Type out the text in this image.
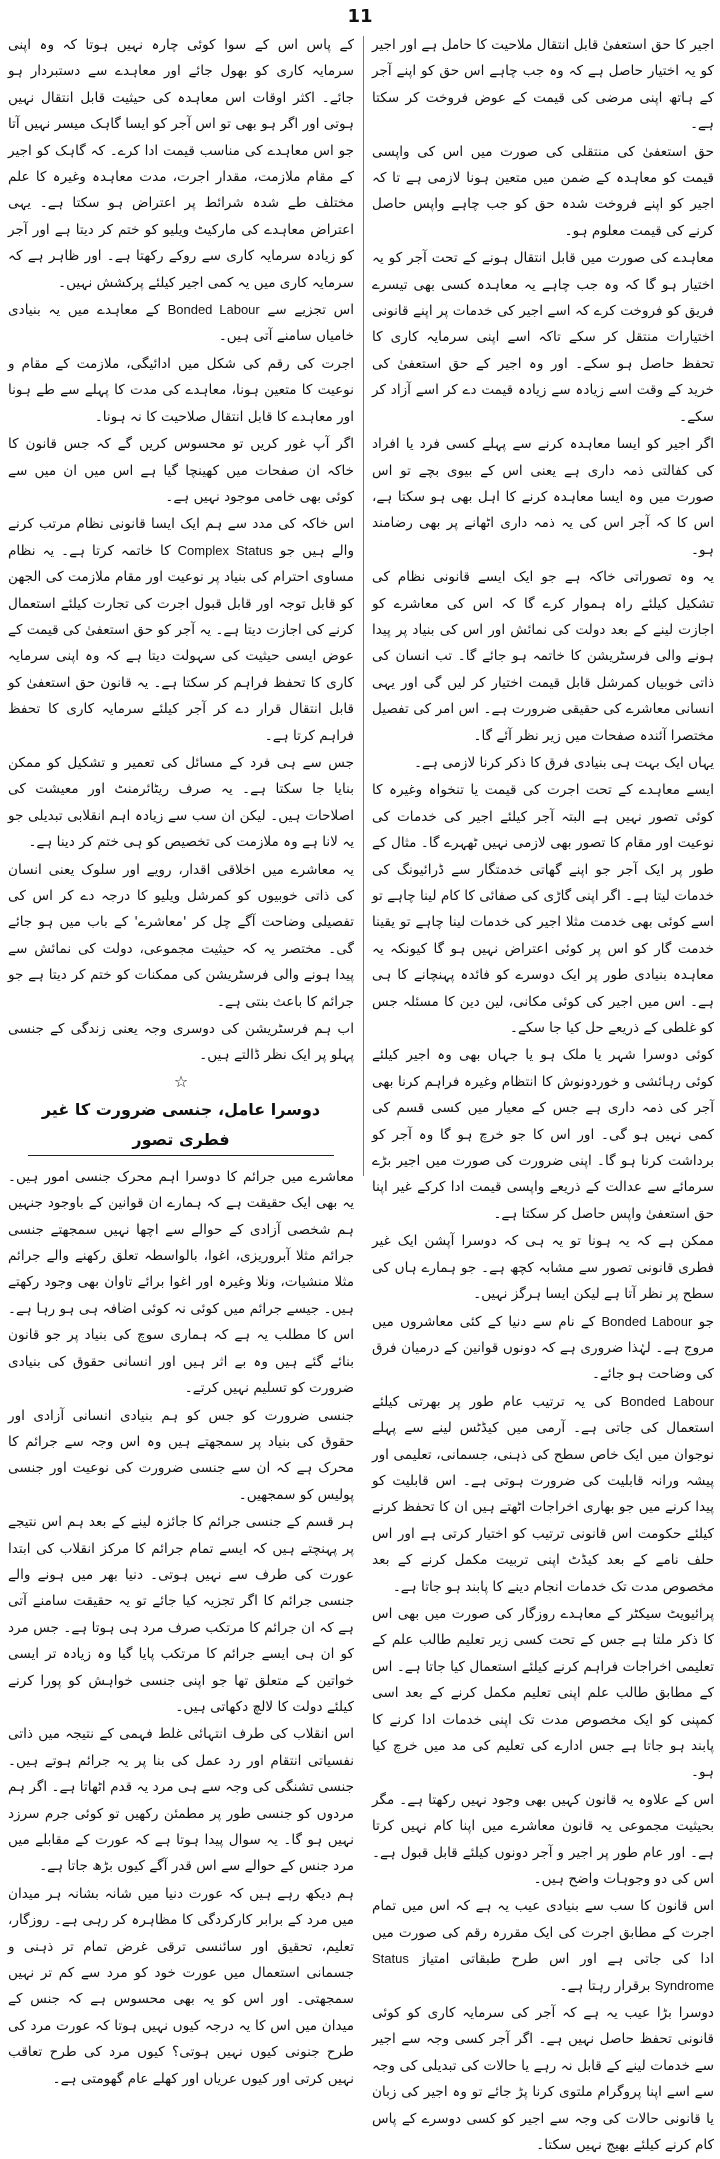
11

اجیر کا حق استعفیٰ قابل انتقال ملاحیت کا حامل ہے اور اجیر کو یہ اختیار حاصل ہے کہ وہ جب چاہے اس حق کو اپنے آجر کے ہاتھ اپنی مرضی کی قیمت کے عوض فروخت کر سکتا ہے۔

حق استعفیٰ کی منتقلی کی صورت میں اس کی واپسی قیمت کو معاہدہ کے ضمن میں متعین ہونا لازمی ہے تا کہ اجیر کو اپنے فروخت شدہ حق کو جب چاہے واپس حاصل کرنے کی قیمت معلوم ہو۔

معاہدے کی صورت میں قابل انتقال ہونے کے تحت آجر کو یہ اختیار ہو گا کہ وہ جب چاہے یہ معاہدہ کسی بھی تیسرے فریق کو فروخت کرے کہ اسے اجیر کی خدمات پر اپنے قانونی اختیارات منتقل کر سکے تاکہ اسے اپنی سرمایہ کاری کا تحفظ حاصل ہو سکے۔ اور وہ اجیر کے حق استعفیٰ کی خرید کے وقت اسے زیادہ سے زیادہ قیمت دے کر اسے آزاد کر سکے۔

اگر اجیر کو ایسا معاہدہ کرنے سے پہلے کسی فرد یا افراد کی کفالتی ذمہ داری ہے یعنی اس کے بیوی بچے تو اس صورت میں وہ ایسا معاہدہ کرنے کا اہل بھی ہو سکتا ہے، اس کا کہ آجر اس کی یہ ذمہ داری اٹھانے پر بھی رضامند ہو۔

یہ وہ تصوراتی خاکہ ہے جو ایک ایسے قانونی نظام کی تشکیل کیلئے راہ ہموار کرے گا کہ اس کی معاشرے کو اجازت لینے کے بعد دولت کی نمائش اور اس کی بنیاد پر پیدا ہونے والی فرسٹریشن کا خاتمہ ہو جائے گا۔ تب انسان کی ذاتی خوبیاں کمرشل قابل قیمت اختیار کر لیں گی اور یہی انسانی معاشرے کی حقیقی ضرورت ہے۔ اس امر کی تفصیل مختصرا آئندہ صفحات میں زیر نظر آئے گا۔

یہاں ایک بہت ہی بنیادی فرق کا ذکر کرنا لازمی ہے۔

ایسے معاہدے کے تحت اجرت کی قیمت یا تنخواہ وغیرہ کا کوئی تصور نہیں ہے البتہ آجر کیلئے اجیر کی خدمات کی نوعیت اور مقام کا تصور بھی لازمی نہیں ٹھہرے گا۔ مثال کے طور پر ایک آجر جو اپنے گھاتی خدمتگار سے ڈرائیونگ کی خدمات لیتا ہے۔ اگر اپنی گاڑی کی صفائی کا کام لینا چاہے تو اسے کوئی بھی خدمت مثلا اجیر کی خدمات لینا چاہے تو یقینا خدمت گار کو اس پر کوئی اعتراض نہیں ہو گا کیونکہ یہ معاہدہ بنیادی طور پر ایک دوسرے کو فائدہ پہنچانے کا ہی ہے۔ اس میں اجیر کی کوئی مکانی، لین دین کا مسئلہ جس کو غلطی کے ذریعے حل کیا جا سکے۔

کوئی دوسرا شہر یا ملک ہو یا جہاں بھی وہ اجیر کیلئے کوئی رہائشی و خوردونوش کا انتظام وغیرہ فراہم کرنا بھی آجر کی ذمہ داری ہے جس کے معیار میں کسی قسم کی کمی نہیں ہو گی۔ اور اس کا جو خرچ ہو گا وہ آجر کو برداشت کرنا ہو گا۔ اپنی ضرورت کی صورت میں اجیر بڑے سرمائے سے عدالت کے ذریعے واپسی قیمت ادا کرکے غیر اپنا حق استعفیٰ واپس حاصل کر سکتا ہے۔

ممکن ہے کہ یہ ہونا تو یہ ہی کہ دوسرا آپشن ایک غیر فطری قانونی تصور سے مشابہ کچھ ہے۔ جو ہمارے ہاں کی سطح پر نظر آتا ہے لیکن ایسا ہرگز نہیں۔

جو Bonded Labour کے نام سے دنیا کے کئی معاشروں میں مروج ہے۔ لہٰذا ضروری ہے کہ دونوں قوانین کے درمیان فرق کی وضاحت ہو جائے۔

Bonded Labour کی یہ ترتیب عام طور پر بھرتی کیلئے استعمال کی جاتی ہے۔ آرمی میں کیڈٹس لینے سے پہلے نوجوان میں ایک خاص سطح کی ذہنی، جسمانی، تعلیمی اور پیشہ ورانہ قابلیت کی ضرورت ہوتی ہے۔ اس قابلیت کو پیدا کرنے میں جو بھاری اخراجات اٹھتے ہیں ان کا تحفظ کرنے کیلئے حکومت اس قانونی ترتیب کو اختیار کرتی ہے اور اس حلف نامے کے بعد کیڈٹ اپنی تربیت مکمل کرنے کے بعد مخصوص مدت تک خدمات انجام دینے کا پابند ہو جاتا ہے۔

پرائیویٹ سیکٹر کے معاہدے روزگار کی صورت میں بھی اس کا ذکر ملتا ہے جس کے تحت کسی زیر تعلیم طالب علم کے تعلیمی اخراجات فراہم کرنے کیلئے استعمال کیا جاتا ہے۔ اس کے مطابق طالب علم اپنی تعلیم مکمل کرنے کے بعد اسی کمپنی کو ایک مخصوص مدت تک اپنی خدمات ادا کرنے کا پابند ہو جاتا ہے جس ادارے کی تعلیم کی مد میں خرچ کیا ہو۔

اس کے علاوہ یہ قانون کہیں بھی وجود نہیں رکھتا ہے۔ مگر بحیثیت مجموعی یہ قانون معاشرے میں اپنا کام نہیں کرتا ہے۔ اور عام طور پر اجیر و آجر دونوں کیلئے قابل قبول ہے۔ اس کی دو وجوہات واضح ہیں۔

اس قانون کا سب سے بنیادی عیب یہ ہے کہ اس میں تمام اجرت کے مطابق اجرت کی ایک مقررہ رقم کی صورت میں ادا کی جاتی ہے اور اس طرح طبقاتی امتیاز Status Syndrome برقرار رہتا ہے۔

دوسرا بڑا عیب یہ ہے کہ آجر کی سرمایہ کاری کو کوئی قانونی تحفظ حاصل نہیں ہے۔ اگر آجر کسی وجہ سے اجیر سے خدمات لینے کے قابل نہ رہے یا حالات کی تبدیلی کی وجہ سے اسے اپنا پروگرام ملتوی کرنا پڑ جائے تو وہ اجیر کی زبان یا قانونی حالات کی وجہ سے اجیر کو کسی دوسرے کے پاس کام کرنے کیلئے بھیج نہیں سکتا۔

کے پاس اس کے سوا کوئی چارہ نہیں ہوتا کہ وہ اپنی سرمایہ کاری کو بھول جائے اور معاہدے سے دستبردار ہو جائے۔ اکثر اوقات اس معاہدہ کی حیثیت قابل انتقال نہیں ہوتی اور اگر ہو بھی تو اس آجر کو ایسا گاہک میسر نہیں آتا جو اس معاہدے کی مناسب قیمت ادا کرے۔ کہ گاہک کو اجیر کے مقام ملازمت، مقدار اجرت، مدت معاہدہ وغیرہ کا علم مختلف طے شدہ شرائط پر اعتراض ہو سکتا ہے۔ یہی اعتراض معاہدے کی مارکیٹ ویلیو کو ختم کر دیتا ہے اور آجر کو زیادہ سرمایہ کاری سے روکے رکھتا ہے۔ اور ظاہر ہے کہ سرمایہ کاری میں یہ کمی اجیر کیلئے پرکشش نہیں۔

اس تجزیے سے Bonded Labour کے معاہدے میں یہ بنیادی خامیاں سامنے آتی ہیں۔

اجرت کی رقم کی شکل میں ادائیگی، ملازمت کے مقام و نوعیت کا متعین ہونا، معاہدے کی مدت کا پہلے سے طے ہونا اور معاہدے کا قابل انتقال صلاحیت کا نہ ہونا۔

اگر آپ غور کریں تو محسوس کریں گے کہ جس قانون کا خاکہ ان صفحات میں کھینچا گیا ہے اس میں ان میں سے کوئی بھی خامی موجود نہیں ہے۔

اس خاکہ کی مدد سے ہم ایک ایسا قانونی نظام مرتب کرنے والے ہیں جو Status Complex کا خاتمہ کرتا ہے۔ یہ نظام مساوی احترام کی بنیاد پر نوعیت اور مقام ملازمت کی الجھن کو قابل توجہ اور قابل قبول اجرت کی تجارت کیلئے استعمال کرنے کی اجازت دیتا ہے۔ یہ آجر کو حق استعفیٰ کی قیمت کے عوض ایسی حیثیت کی سہولت دیتا ہے کہ وہ اپنی سرمایہ کاری کا تحفظ فراہم کر سکتا ہے۔ یہ قانون حق استعفیٰ کو قابل انتقال قرار دے کر آجر کیلئے سرمایہ کاری کا تحفظ فراہم کرتا ہے۔

جس سے ہی فرد کے مسائل کی تعمیر و تشکیل کو ممکن بنایا جا سکتا ہے۔ یہ صرف ریٹائرمنٹ اور معیشت کی اصلاحات ہیں۔ لیکن ان سب سے زیادہ اہم انقلابی تبدیلی جو یہ لانا ہے وہ ملازمت کی تخصیص کو ہی ختم کر دینا ہے۔

یہ معاشرے میں اخلاقی اقدار، رویے اور سلوک یعنی انسان کی ذاتی خوبیوں کو کمرشل ویلیو کا درجہ دے کر اس کی تفصیلی وضاحت آگے چل کر 'معاشرے' کے باب میں ہو جائے گی۔ مختصر یہ کہ حیثیت مجموعی، دولت کی نمائش سے پیدا ہونے والی فرسٹریشن کی ممکنات کو ختم کر دیتا ہے جو جرائم کا باعث بنتی ہے۔

اب ہم فرسٹریشن کی دوسری وجہ یعنی زندگی کے جنسی پہلو پر ایک نظر ڈالتے ہیں۔

☆
دوسرا عامل، جنسی ضرورت کا غیر فطری تصور

معاشرے میں جرائم کا دوسرا اہم محرک جنسی امور ہیں۔ یہ بھی ایک حقیقت ہے کہ ہمارے ان قوانین کے باوجود جنہیں ہم شخصی آزادی کے حوالے سے اچھا نہیں سمجھتے جنسی جرائم مثلا آبروریزی، اغوا، بالواسطہ تعلق رکھنے والے جرائم مثلا منشیات، ونلا وغیرہ اور اغوا برائے تاوان بھی وجود رکھتے ہیں۔ جیسے جرائم میں کوئی نہ کوئی اضافہ ہی ہو رہا ہے۔ اس کا مطلب یہ ہے کہ ہماری سوچ کی بنیاد پر جو قانون بنائے گئے ہیں وہ بے اثر ہیں اور انسانی حقوق کی بنیادی ضرورت کو تسلیم نہیں کرتے۔

جنسی ضرورت کو جس کو ہم بنیادی انسانی آزادی اور حقوق کی بنیاد پر سمجھتے ہیں وہ اس وجہ سے جرائم کا محرک ہے کہ ان سے جنسی ضرورت کی نوعیت اور جنسی پولیس کو سمجھیں۔

ہر قسم کے جنسی جرائم کا جائزہ لینے کے بعد ہم اس نتیجے پر پہنچتے ہیں کہ ایسے تمام جرائم کا مرکز انقلاب کی ابتدا عورت کی طرف سے نہیں ہوتی۔ دنیا بھر میں ہونے والے جنسی جرائم کا اگر تجزیہ کیا جائے تو یہ حقیقت سامنے آتی ہے کہ ان جرائم کا مرتکب صرف مرد ہی ہوتا ہے۔ جس مرد کو ان ہی ایسے جرائم کا مرتکب پایا گیا وہ زیادہ تر ایسی خواتین کے متعلق تھا جو اپنی جنسی خواہش کو پورا کرنے کیلئے دولت کا لالچ دکھاتی ہیں۔

اس انقلاب کی طرف انتہائی غلط فہمی کے نتیجہ میں ذاتی نفسیاتی انتقام اور رد عمل کی بنا پر یہ جرائم ہوتے ہیں۔ جنسی تشنگی کی وجہ سے ہی مرد یہ قدم اٹھاتا ہے۔ اگر ہم مردوں کو جنسی طور پر مطمئن رکھیں تو کوئی جرم سرزد نہیں ہو گا۔ یہ سوال پیدا ہوتا ہے کہ عورت کے مقابلے میں مرد جنس کے حوالے سے اس قدر آگے کیوں بڑھ جاتا ہے۔

ہم دیکھ رہے ہیں کہ عورت دنیا میں شانہ بشانہ ہر میدان میں مرد کے برابر کارکردگی کا مظاہرہ کر رہی ہے۔ روزگار، تعلیم، تحقیق اور سائنسی ترقی غرض تمام تر ذہنی و جسمانی استعمال میں عورت خود کو مرد سے کم تر نہیں سمجھتی۔ اور اس کو یہ بھی محسوس ہے کہ جنس کے میدان میں اس کا یہ درجہ کیوں نہیں ہوتا کہ عورت مرد کی طرح جنونی کیوں نہیں ہوتی؟ کیوں مرد کی طرح تعاقب نہیں کرتی اور کیوں عریاں اور کھلے عام گھومتی ہے۔
